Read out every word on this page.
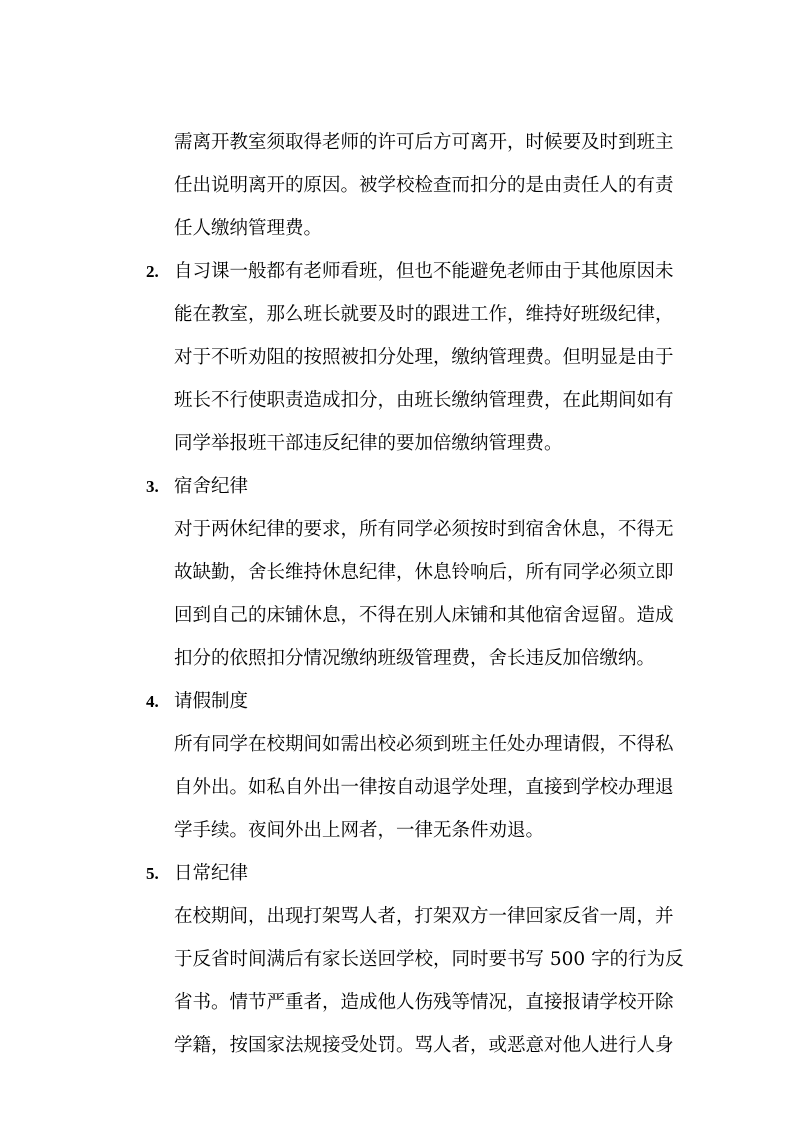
需离开教室须取得老师的许可后方可离开，时候要及时到班主
任出说明离开的原因。被学校检查而扣分的是由责任人的有责
任人缴纳管理费。
2. 自习课一般都有老师看班，但也不能避免老师由于其他原因未
能在教室，那么班长就要及时的跟进工作，维持好班级纪律，
对于不听劝阻的按照被扣分处理，缴纳管理费。但明显是由于
班长不行使职责造成扣分，由班长缴纳管理费，在此期间如有
同学举报班干部违反纪律的要加倍缴纳管理费。
3. 宿舍纪律
对于两休纪律的要求，所有同学必须按时到宿舍休息，不得无
故缺勤，舍长维持休息纪律，休息铃响后，所有同学必须立即
回到自己的床铺休息，不得在别人床铺和其他宿舍逗留。造成
扣分的依照扣分情况缴纳班级管理费，舍长违反加倍缴纳。
4. 请假制度
所有同学在校期间如需出校必须到班主任处办理请假，不得私
自外出。如私自外出一律按自动退学处理，直接到学校办理退
学手续。夜间外出上网者，一律无条件劝退。
5. 日常纪律
在校期间，出现打架骂人者，打架双方一律回家反省一周，并
于反省时间满后有家长送回学校，同时要书写 500 字的行为反
省书。情节严重者，造成他人伤残等情况，直接报请学校开除
学籍，按国家法规接受处罚。骂人者，或恶意对他人进行人身
